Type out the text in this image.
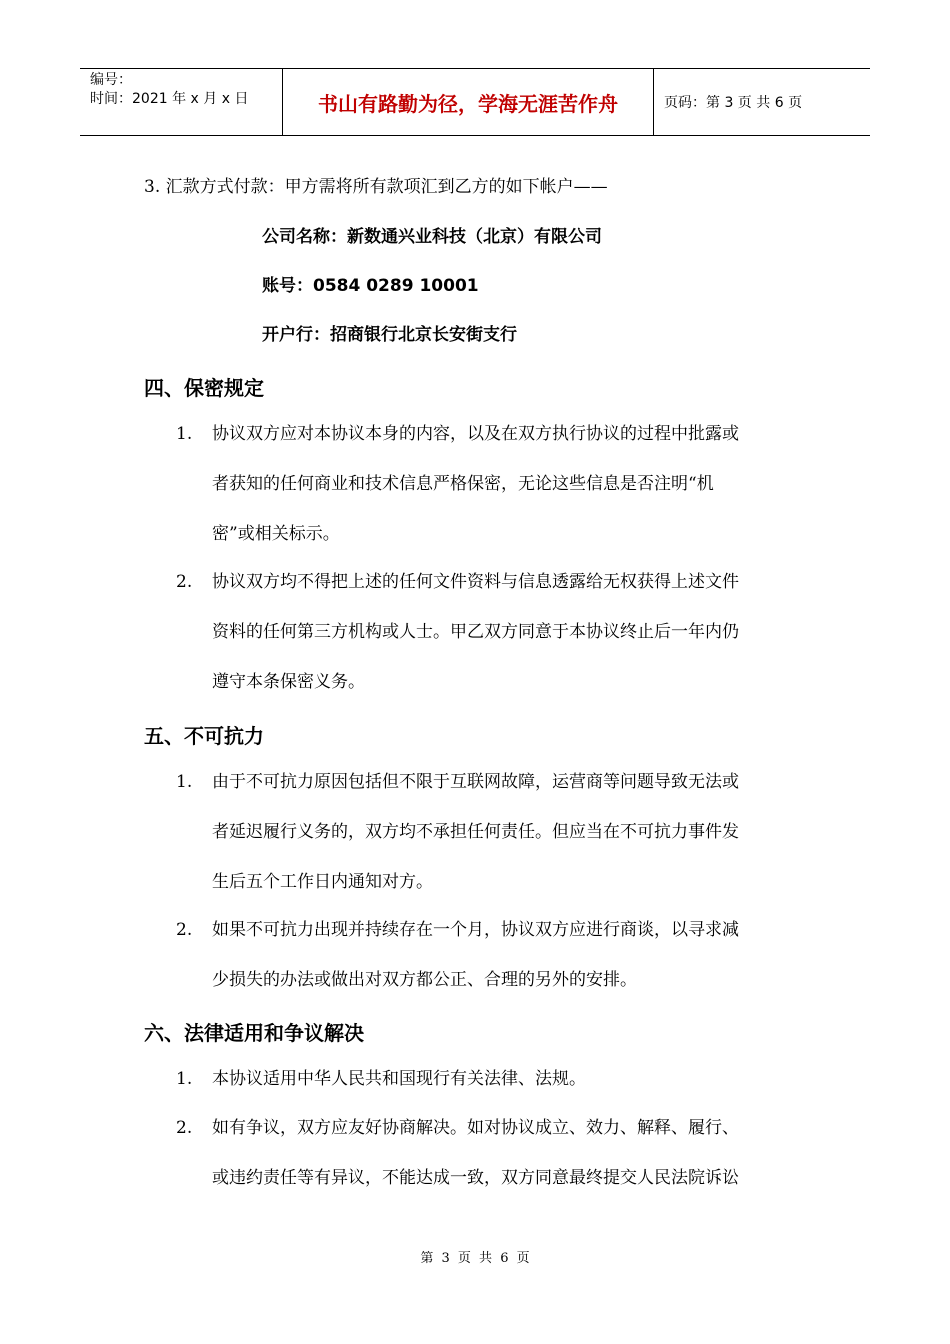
编号：
时间：2021 年 x 月 x 日	书山有路勤为径，学海无涯苦作舟	页码：第 3 页 共 6 页
3. 汇款方式付款：甲方需将所有款项汇到乙方的如下帐户——
公司名称：新数通兴业科技（北京）有限公司
账号：0584 0289 10001
开户行：招商银行北京长安街支行
四、保密规定
1. 协议双方应对本协议本身的内容，以及在双方执行协议的过程中批露或
者获知的任何商业和技术信息严格保密，无论这些信息是否注明“机
密”或相关标示。
2. 协议双方均不得把上述的任何文件资料与信息透露给无权获得上述文件
资料的任何第三方机构或人士。甲乙双方同意于本协议终止后一年内仍
遵守本条保密义务。
五、不可抗力
1. 由于不可抗力原因包括但不限于互联网故障，运营商等问题导致无法或
者延迟履行义务的，双方均不承担任何责任。但应当在不可抗力事件发
生后五个工作日内通知对方。
2. 如果不可抗力出现并持续存在一个月，协议双方应进行商谈，以寻求减
少损失的办法或做出对双方都公正、合理的另外的安排。
六、法律适用和争议解决
1. 本协议适用中华人民共和国现行有关法律、法规。
2. 如有争议，双方应友好协商解决。如对协议成立、效力、解释、履行、
或违约责任等有异议，不能达成一致，双方同意最终提交人民法院诉讼
第 3 页 共 6 页
